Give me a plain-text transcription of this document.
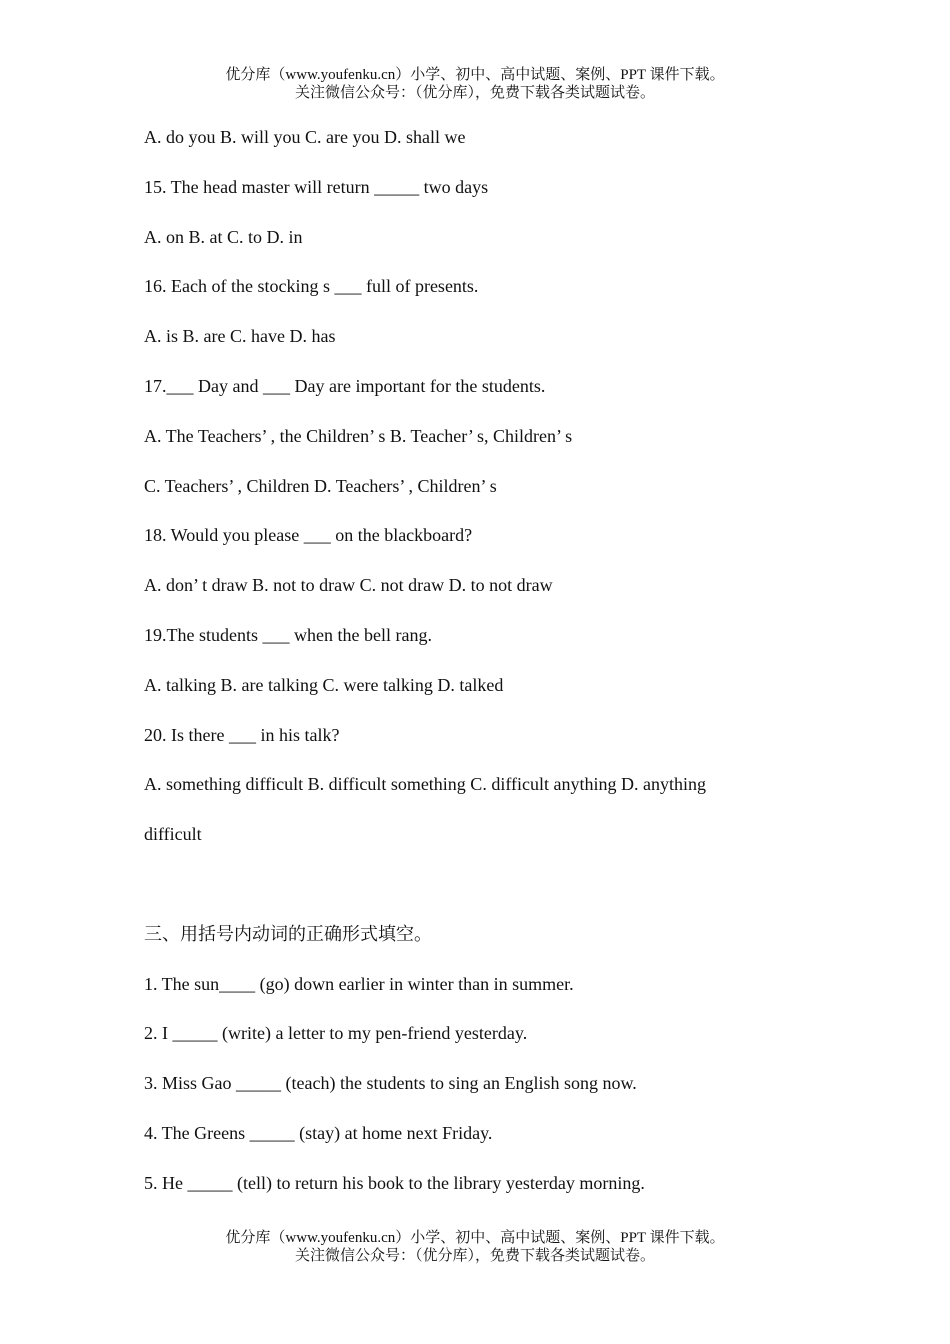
优分库（www.youfenku.cn）小学、初中、高中试题、案例、PPT 课件下载。
关注微信公众号：（优分库），免费下载各类试题试卷。
A. do you B. will you C. are you D. shall we
15. The head master will return _____ two days
A. on B. at C. to D. in
16. Each of the stocking s ___ full of presents.
A. is B. are C. have D. has
17.___ Day and ___ Day are important for the students.
A. The Teachers’ , the Children’ s B. Teacher’ s, Children’ s
C. Teachers’ , Children D. Teachers’ , Children’ s
18. Would you please ___ on the blackboard?
A. don’ t draw B. not to draw C. not draw D. to not draw
19.The students ___ when the bell rang.
A. talking B. are talking C. were talking D. talked
20. Is there ___ in his talk?
A. something difficult B. difficult something C. difficult anything D. anything
difficult
三、用括号内动词的正确形式填空。
1. The sun____ (go) down earlier in winter than in summer.
2. I _____ (write) a letter to my pen-friend yesterday.
3. Miss Gao _____ (teach) the students to sing an English song now.
4. The Greens _____ (stay) at home next Friday.
5. He _____ (tell) to return his book to the library yesterday morning.
优分库（www.youfenku.cn）小学、初中、高中试题、案例、PPT 课件下载。
关注微信公众号：（优分库），免费下载各类试题试卷。
